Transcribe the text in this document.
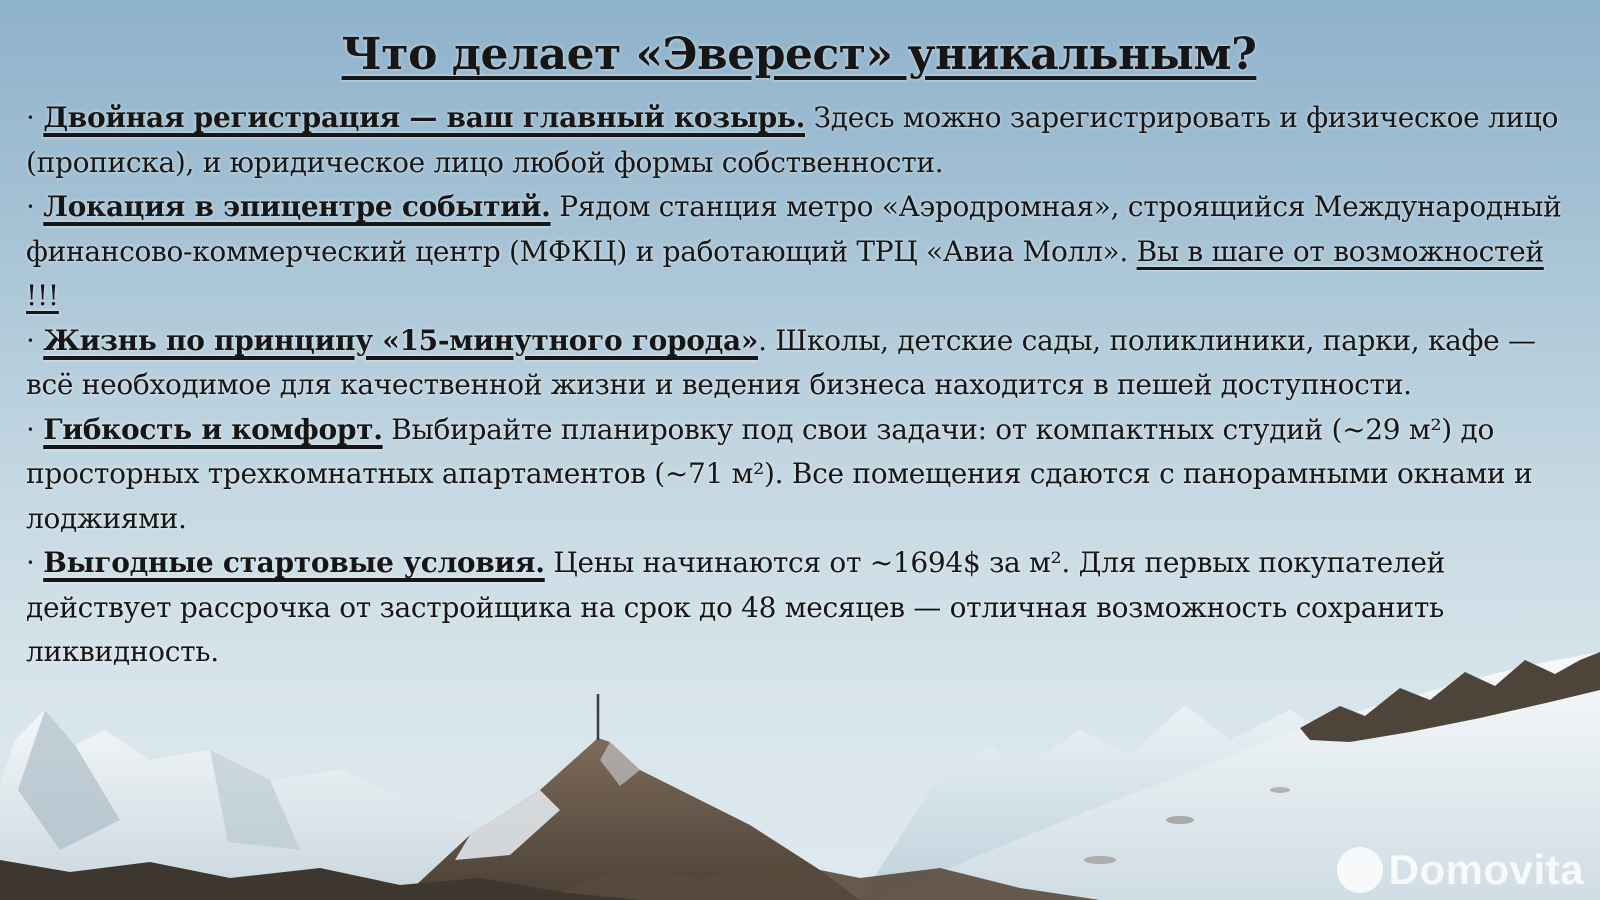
Что делает «Эверест» уникальным?

· Двойная регистрация — ваш главный козырь. Здесь можно зарегистрировать и физическое лицо (прописка), и юридическое лицо любой формы собственности.

· Локация в эпицентре событий. Рядом станция метро «Аэродромная», строящийся Международный финансово-коммерческий центр (МФКЦ) и работающий ТРЦ «Авиа Молл». Вы в шаге от возможностей !!!

· Жизнь по принципу «15-минутного города». Школы, детские сады, поликлиники, парки, кафе — всё необходимое для качественной жизни и ведения бизнеса находится в пешей доступности.

· Гибкость и комфорт. Выбирайте планировку под свои задачи: от компактных студий (~29 м²) до просторных трехкомнатных апартаментов (~71 м²). Все помещения сдаются с панорамными окнами и лоджиями.

· Выгодные стартовые условия. Цены начинаются от ~1694$ за м². Для первых покупателей действует рассрочка от застройщика на срок до 48 месяцев — отличная возможность сохранить ликвидность.

Domovita
